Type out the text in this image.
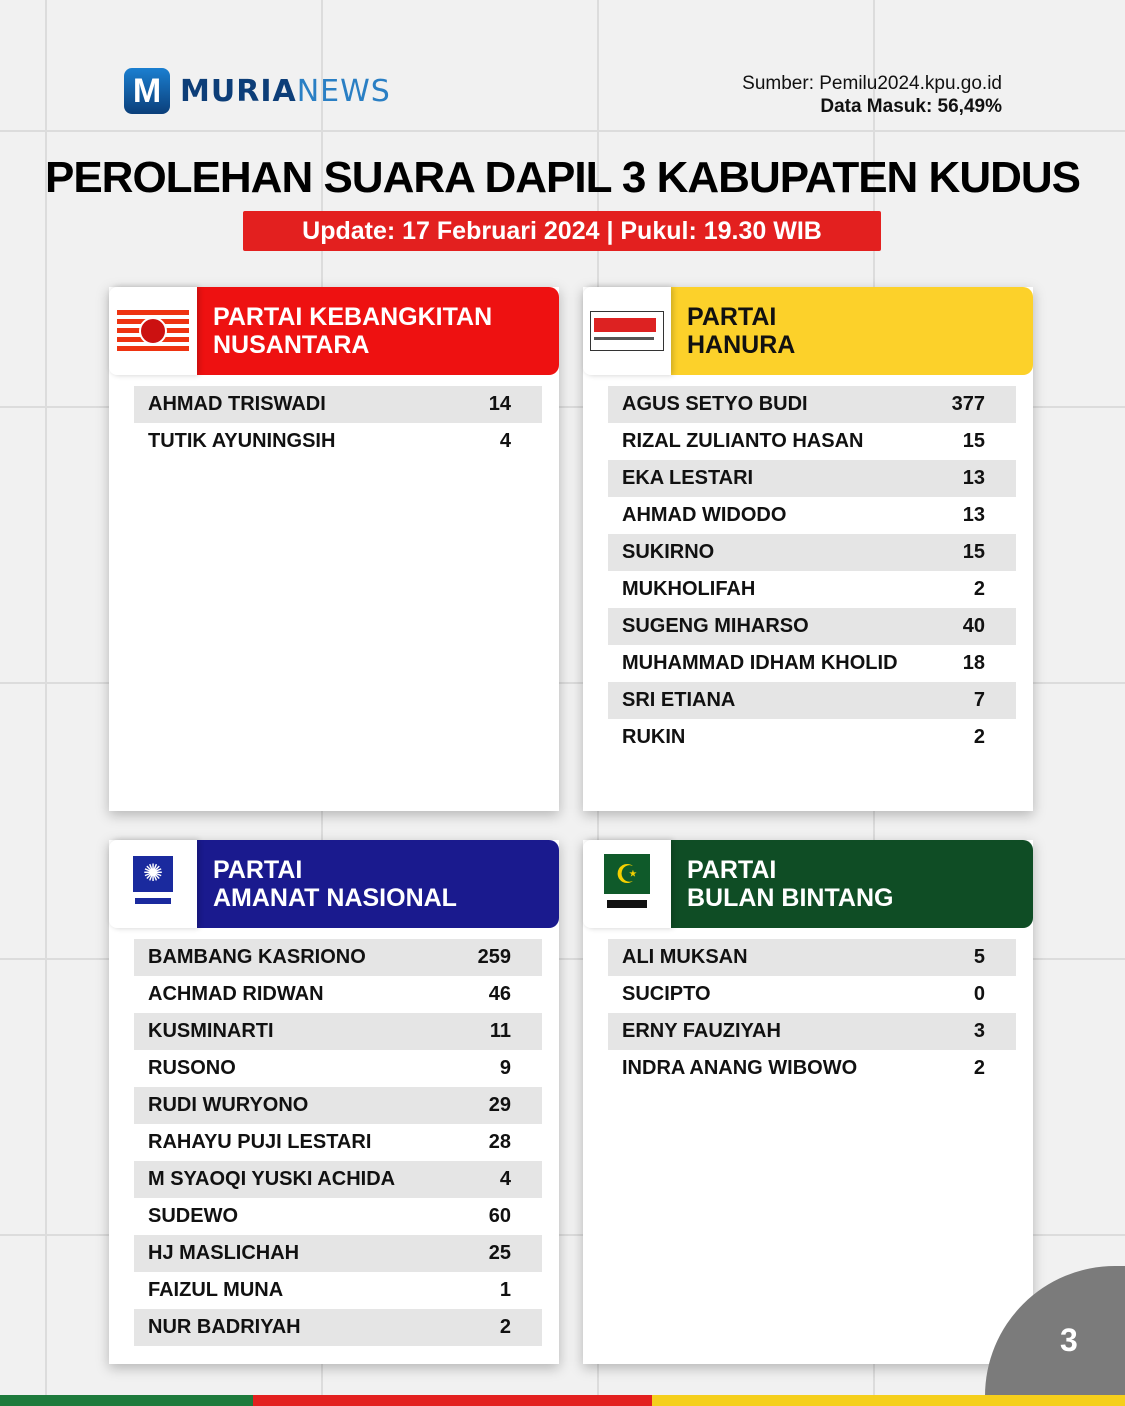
M MURIANEWS	Sumber: Pemilu2024.kpu.go.id
Data Masuk: 56,49%
PEROLEHAN SUARA DAPIL 3 KABUPATEN KUDUS
Update: 17 Februari 2024 | Pukul: 19.30 WIB
PARTAI KEBANGKITAN
NUSANTARA
AHMAD TRISWADI	14
TUTIK AYUNINGSIH	4
PARTAI
HANURA
AGUS SETYO BUDI	377
RIZAL ZULIANTO HASAN	15
EKA LESTARI	13
AHMAD WIDODO	13
SUKIRNO	15
MUKHOLIFAH	2
SUGENG MIHARSO	40
MUHAMMAD IDHAM KHOLID	18
SRI ETIANA	7
RUKIN	2
✺	PARTAI
AMANAT NASIONAL
BAMBANG KASRIONO	259
ACHMAD RIDWAN	46
KUSMINARTI	11
RUSONO	9
RUDI WURYONO	29
RAHAYU PUJI LESTARI	28
M SYAOQI YUSKI ACHIDA	4
SUDEWO	60
HJ MASLICHAH	25
FAIZUL MUNA	1
NUR BADRIYAH	2
☪	PARTAI
BULAN BINTANG
ALI MUKSAN	5
SUCIPTO	0
ERNY FAUZIYAH	3
INDRA ANANG WIBOWO	2
3
